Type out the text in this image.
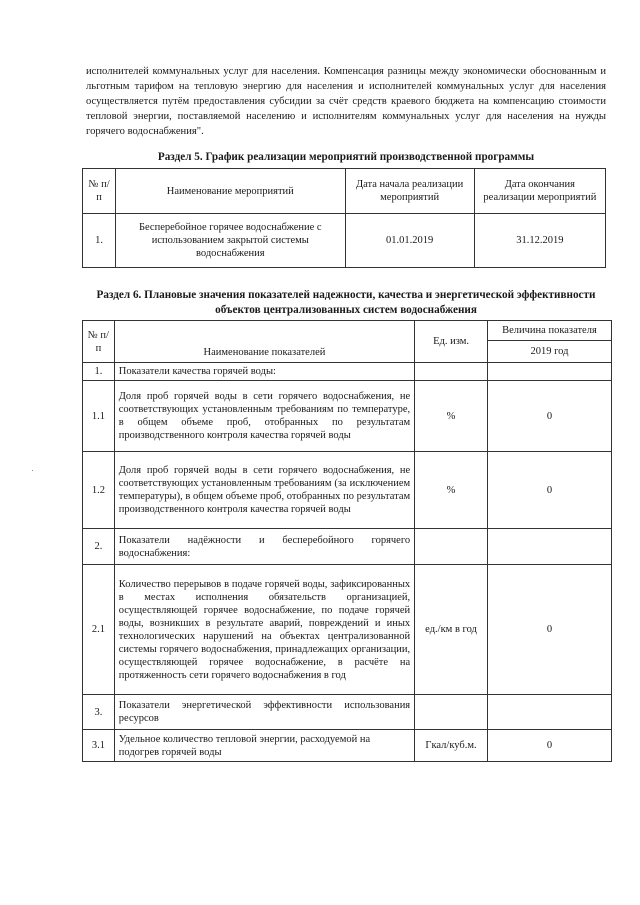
исполнителей коммунальных услуг для населения. Компенсация разницы между экономически обоснованным и льготным тарифом на тепловую энергию для населения и исполнителей коммунальных услуг для населения осуществляется путём предоставления субсидии за счёт средств краевого бюджета на компенсацию стоимости тепловой энергии, поставляемой населению и исполнителям коммунальных услуг для населения на нужды горячего водоснабжения".
Раздел 5. График реализации мероприятий производственной программы
№ п/п	Наименование мероприятий	Дата начала реализации мероприятий	Дата окончания реализации мероприятий
1.	Бесперебойное горячее водоснабжение с использованием закрытой системы водоснабжения	01.01.2019	31.12.2019
Раздел 6. Плановые значения показателей надежности, качества и энергетической эффективности объектов централизованных систем водоснабжения
№ п/п	Наименование показателей	Ед. изм.	Величина показателя
			2019 год
1.	Показатели качества горячей воды:		
1.1	Доля проб горячей воды в сети горячего водоснабжения, не соответствующих установленным требованиям по температуре, в общем объеме проб, отобранных по результатам производственного контроля качества горячей воды	%	0
1.2	Доля проб горячей воды в сети горячего водоснабжения, не соответствующих установленным требованиям (за исключением температуры), в общем объеме проб, отобранных по результатам производственного контроля качества горячей воды	%	0
2.	Показатели надёжности и бесперебойного горячего водоснабжения:		
2.1	Количество перерывов в подаче горячей воды, зафиксированных в местах исполнения обязательств организацией, осуществляющей горячее водоснабжение, по подаче горячей воды, возникших в результате аварий, повреждений и иных технологических нарушений на объектах централизованной системы горячего водоснабжения, принадлежащих организации, осуществляющей горячее водоснабжение, в расчёте на протяженность сети горячего водоснабжения в год	ед./км в год	0
3.	Показатели энергетической эффективности использования ресурсов		
3.1	Удельное количество тепловой энергии, расходуемой на подогрев горячей воды	Гкал/куб.м.	0
